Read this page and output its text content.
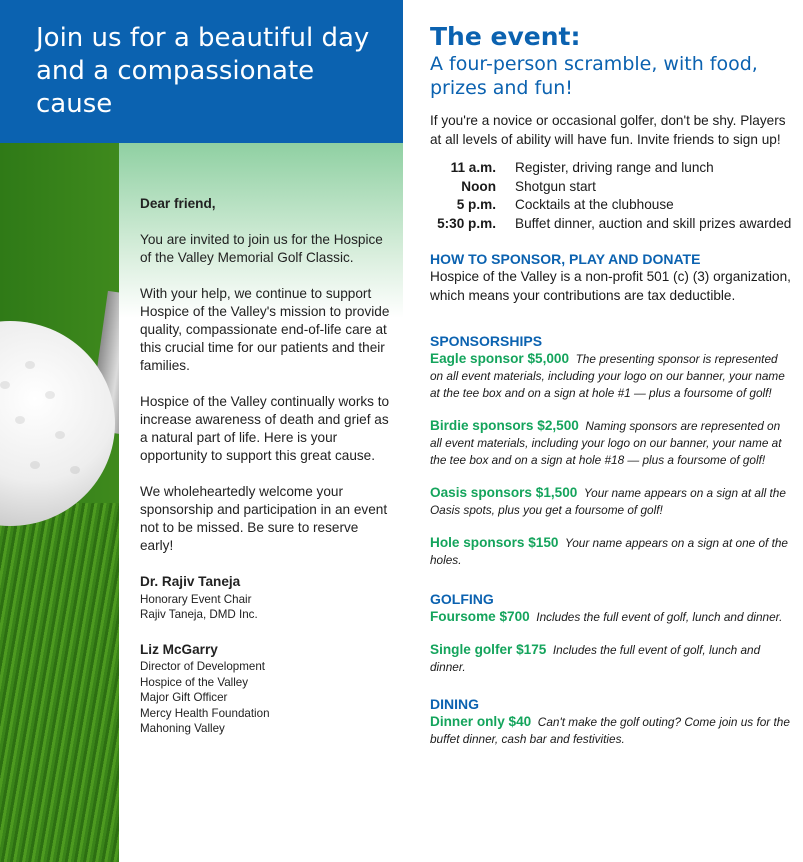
Join us for a beautiful day and a compassionate cause

Dear friend,

You are invited to join us for the Hospice of the Valley Memorial Golf Classic.

With your help, we continue to support Hospice of the Valley's mission to provide quality, compassionate end-of-life care at this crucial time for our patients and their families.

Hospice of the Valley continually works to increase awareness of death and grief as a natural part of life. Here is your opportunity to support this great cause.

We wholeheartedly welcome your sponsorship and participation in an event not to be missed. Be sure to reserve early!

Dr. Rajiv Taneja
Honorary Event Chair
Rajiv Taneja, DMD Inc.
Liz McGarry
Director of Development
Hospice of the Valley
Major Gift Officer
Mercy Health Foundation
Mahoning Valley
The event:
A four-person scramble, with food, prizes and fun!
If you're a novice or occasional golfer, don't be shy. Players at all levels of ability will have fun. Invite friends to sign up!
11 a.m.	Register, driving range and lunch
Noon	Shotgun start
5 p.m.	Cocktails at the clubhouse
5:30 p.m.	Buffet dinner, auction and skill prizes awarded
HOW TO SPONSOR, PLAY AND DONATE
Hospice of the Valley is a non-profit 501 (c) (3) organization, which means your contributions are tax deductible.
SPONSORSHIPS
Eagle sponsor $5,000 The presenting sponsor is represented on all event materials, including your logo on our banner, your name at the tee box and on a sign at hole #1 — plus a foursome of golf!
Birdie sponsors $2,500 Naming sponsors are represented on all event materials, including your logo on our banner, your name at the tee box and on a sign at hole #18 — plus a foursome of golf!
Oasis sponsors $1,500 Your name appears on a sign at all the Oasis spots, plus you get a foursome of golf!
Hole sponsors $150 Your name appears on a sign at one of the holes.
GOLFING
Foursome $700 Includes the full event of golf, lunch and dinner.
Single golfer $175 Includes the full event of golf, lunch and dinner.
DINING
Dinner only $40 Can't make the golf outing? Come join us for the buffet dinner, cash bar and festivities.
